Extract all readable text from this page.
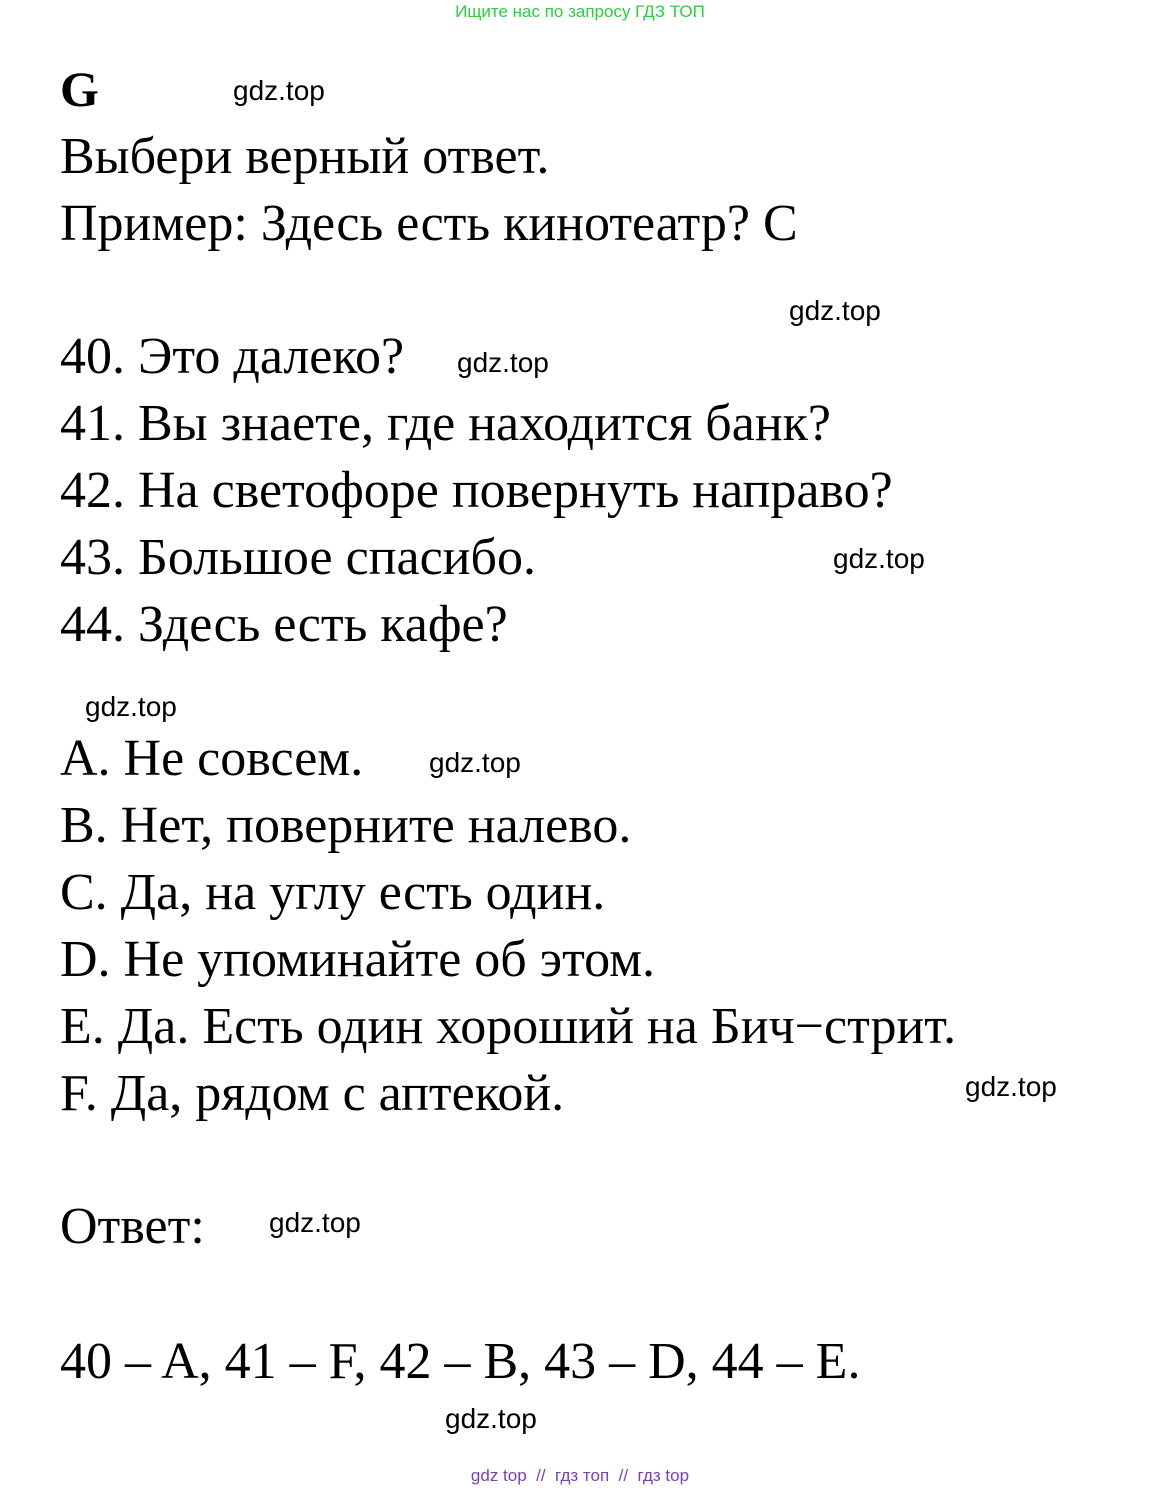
Ищите нас по запросу ГДЗ ТОП
G
Выбери верный ответ.
Пример: Здесь есть кинотеатр? C
40. Это далеко?
41. Вы знаете, где находится банк?
42. На светофоре повернуть направо?
43. Большое спасибо.
44. Здесь есть кафе?
A. Не совсем.
B. Нет, поверните налево.
C. Да, на углу есть один.
D. Не упоминайте об этом.
E. Да. Есть один хороший на Бич−стрит.
F. Да, рядом с аптекой.
Ответ:
40 – A, 41 – F, 42 – B, 43 – D, 44 – E.
gdz.top
gdz.top
gdz.top
gdz.top
gdz.top
gdz.top
gdz.top
gdz.top
gdz.top
gdz top // гдз топ // гдз top
